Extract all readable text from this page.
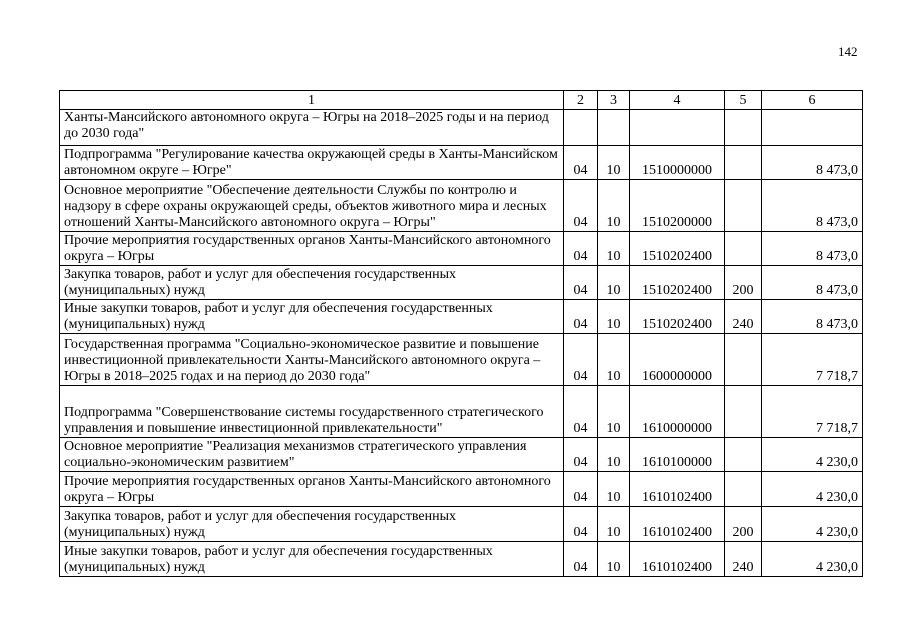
142
1	2	3	4	5	6
Ханты-Мансийского автономного округа – Югры на 2018–2025 годы и на период до 2030 года"					
Подпрограмма "Регулирование качества окружающей среды в Ханты-Мансийском автономном округе – Югре"	04	10	1510000000		8 473,0
Основное мероприятие "Обеспечение деятельности Службы по контролю и надзору в сфере охраны окружающей среды, объектов животного мира и лесных отношений Ханты-Мансийского автономного округа – Югры"	04	10	1510200000		8 473,0
Прочие мероприятия государственных органов Ханты-Мансийского автономного округа – Югры	04	10	1510202400		8 473,0
Закупка товаров, работ и услуг для обеспечения государственных (муниципальных) нужд	04	10	1510202400	200	8 473,0
Иные закупки товаров, работ и услуг для обеспечения государственных (муниципальных) нужд	04	10	1510202400	240	8 473,0
Государственная программа "Социально-экономическое развитие и повышение инвестиционной привлекательности Ханты-Мансийского автономного округа – Югры в 2018–2025 годах и на период до 2030 года"	04	10	1600000000		7 718,7
Подпрограмма "Совершенствование системы государственного стратегического управления и повышение инвестиционной привлекательности"	04	10	1610000000		7 718,7
Основное мероприятие "Реализация механизмов стратегического управления социально-экономическим развитием"	04	10	1610100000		4 230,0
Прочие мероприятия государственных органов Ханты-Мансийского автономного округа – Югры	04	10	1610102400		4 230,0
Закупка товаров, работ и услуг для обеспечения государственных (муниципальных) нужд	04	10	1610102400	200	4 230,0
Иные закупки товаров, работ и услуг для обеспечения государственных (муниципальных) нужд	04	10	1610102400	240	4 230,0
